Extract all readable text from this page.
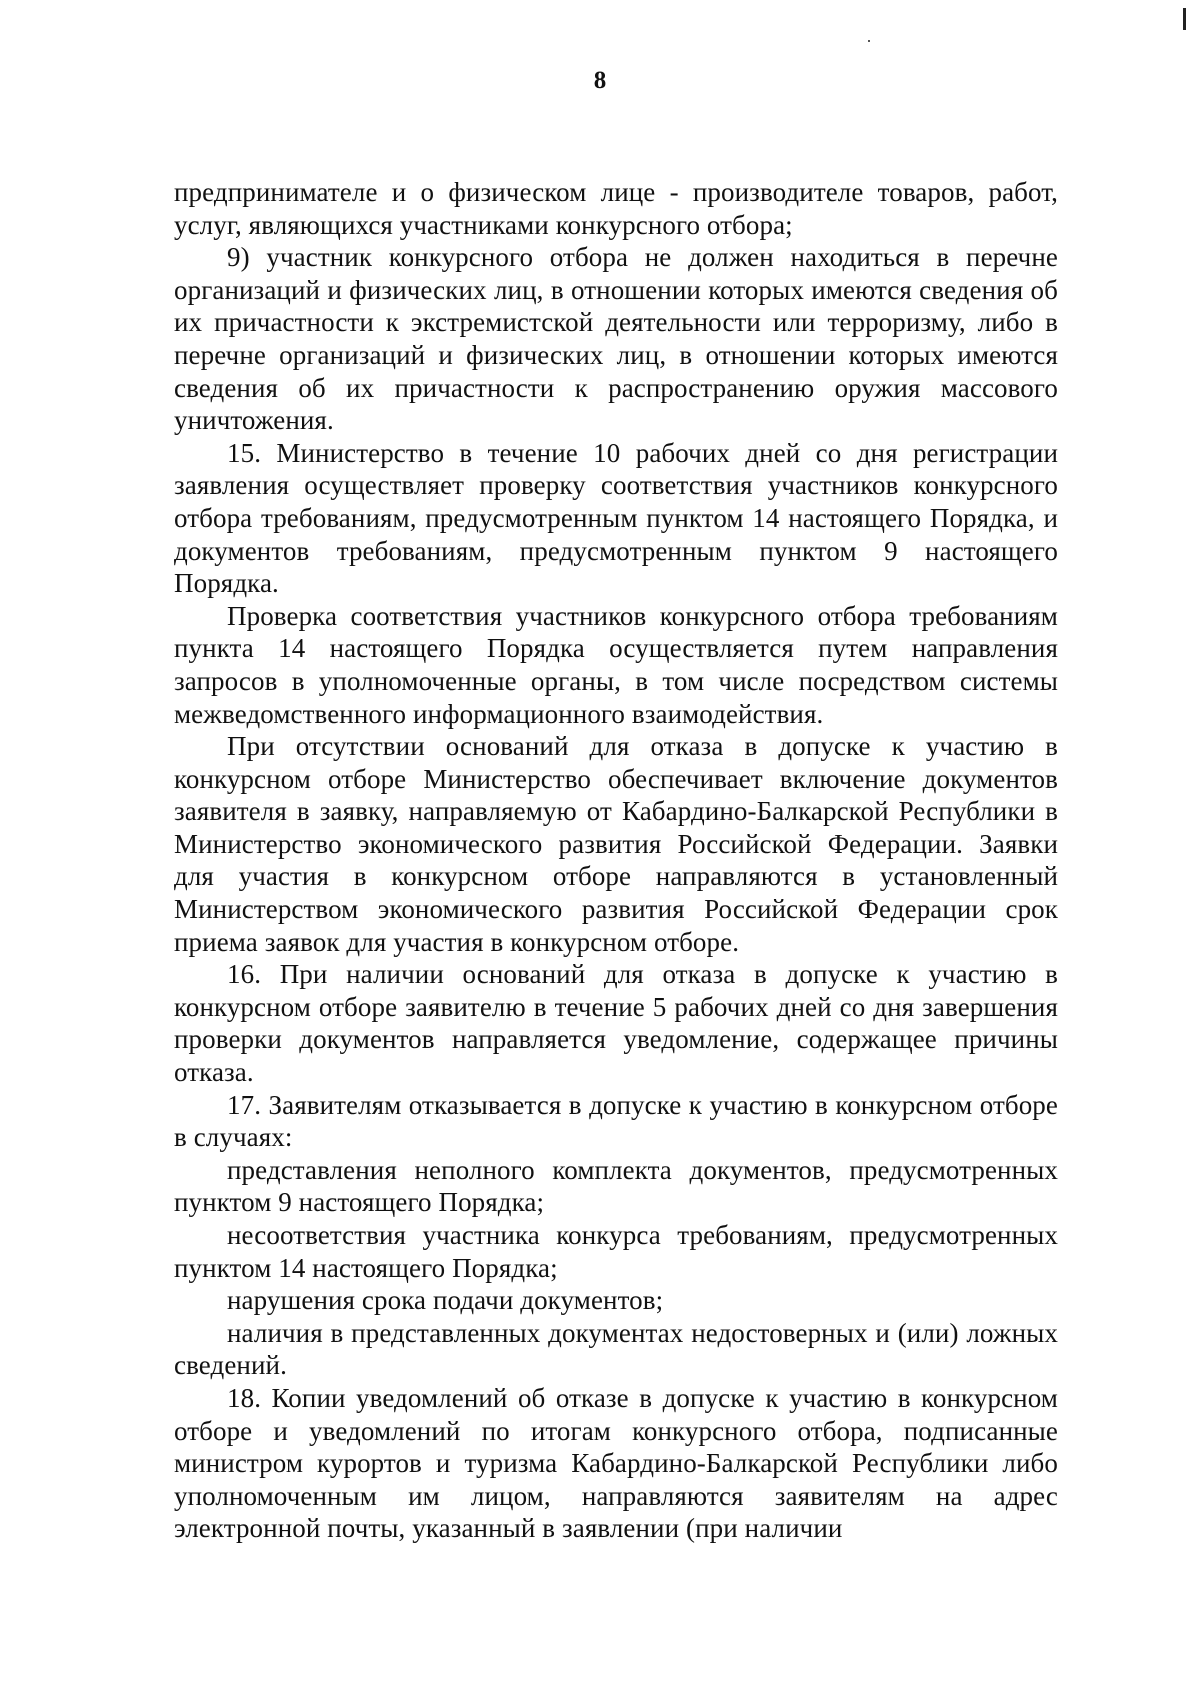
8

предпринимателе и о физическом лице - производителе товаров, работ, услуг, являющихся участниками конкурсного отбора;

9) участник конкурсного отбора не должен находиться в перечне организаций и физических лиц, в отношении которых имеются сведения об их причастности к экстремистской деятельности или терроризму, либо в перечне организаций и физических лиц, в отношении которых имеются сведения об их причастности к распространению оружия массового уничтожения.

15. Министерство в течение 10 рабочих дней со дня регистрации заявления осуществляет проверку соответствия участников конкурсного отбора требованиям, предусмотренным пунктом 14 настоящего Порядка, и документов требованиям, предусмотренным пунктом 9 настоящего Порядка.

Проверка соответствия участников конкурсного отбора требованиям пункта 14 настоящего Порядка осуществляется путем направления запросов в уполномоченные органы, в том числе посредством системы межведомственного информационного взаимодействия.

При отсутствии оснований для отказа в допуске к участию в конкурсном отборе Министерство обеспечивает включение документов заявителя в заявку, направляемую от Кабардино-Балкарской Республики в Министерство экономического развития Российской Федерации. Заявки для участия в конкурсном отборе направляются в установленный Министерством экономического развития Российской Федерации срок приема заявок для участия в конкурсном отборе.

16. При наличии оснований для отказа в допуске к участию в конкурсном отборе заявителю в течение 5 рабочих дней со дня завершения проверки документов направляется уведомление, содержащее причины отказа.

17. Заявителям отказывается в допуске к участию в конкурсном отборе в случаях:

представления неполного комплекта документов, предусмотренных пунктом 9 настоящего Порядка;

несоответствия участника конкурса требованиям, предусмотренных пунктом 14 настоящего Порядка;

нарушения срока подачи документов;

наличия в представленных документах недостоверных и (или) ложных сведений.

18. Копии уведомлений об отказе в допуске к участию в конкурсном отборе и уведомлений по итогам конкурсного отбора, подписанные министром курортов и туризма Кабардино-Балкарской Республики либо уполномоченным им лицом, направляются заявителям на адрес электронной почты, указанный в заявлении (при наличии
